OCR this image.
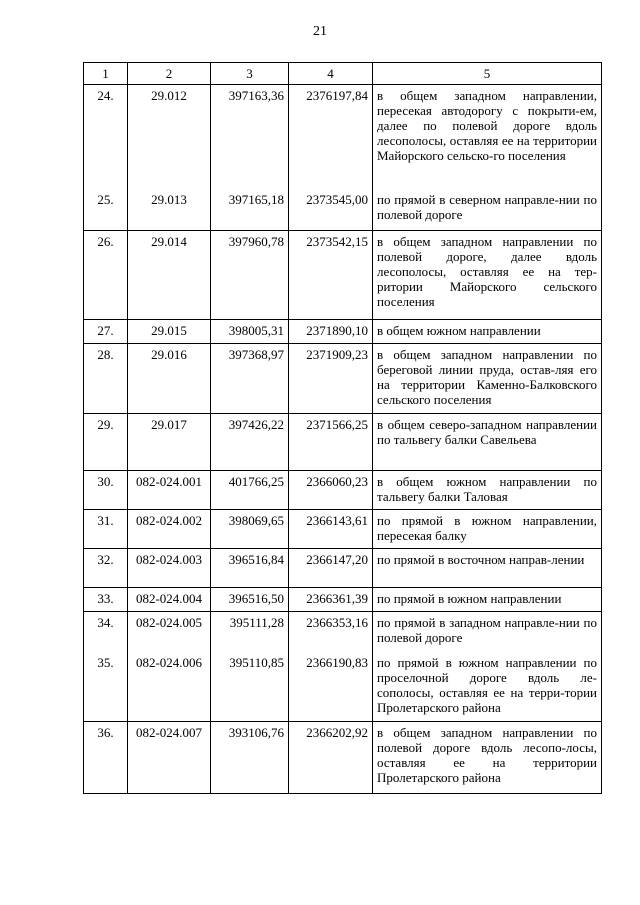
21
1	2	3	4	5
24.	29.012	397163,36	2376197,84	в общем западном направлении, пересекая автодорогу с покрыти-ем, далее по полевой дороге вдоль лесополосы, оставляя ее на территории Майорского сельско-го поселения
25.	29.013	397165,18	2373545,00	по прямой в северном направле-нии по полевой дороге
26.	29.014	397960,78	2373542,15	в общем западном направлении по полевой дороге, далее вдоль лесополосы, оставляя ее на тер-ритории Майорского сельского поселения
27.	29.015	398005,31	2371890,10	в общем южном направлении
28.	29.016	397368,97	2371909,23	в общем западном направлении по береговой линии пруда, остав-ляя его на территории Каменно-Балковского сельского поселения
29.	29.017	397426,22	2371566,25	в общем северо-западном направлении по тальвегу балки Савельева
30.	082-024.001	401766,25	2366060,23	в общем южном направлении по тальвегу балки Таловая
31.	082-024.002	398069,65	2366143,61	по прямой в южном направлении, пересекая балку
32.	082-024.003	396516,84	2366147,20	по прямой в восточном направ-лении
33.	082-024.004	396516,50	2366361,39	по прямой в южном направлении
34.	082-024.005	395111,28	2366353,16	по прямой в западном направле-нии по полевой дороге
35.	082-024.006	395110,85	2366190,83	по прямой в южном направлении по проселочной дороге вдоль ле-сополосы, оставляя ее на терри-тории Пролетарского района
36.	082-024.007	393106,76	2366202,92	в общем западном направлении по полевой дороге вдоль лесопо-лосы, оставляя ее на территории Пролетарского района
